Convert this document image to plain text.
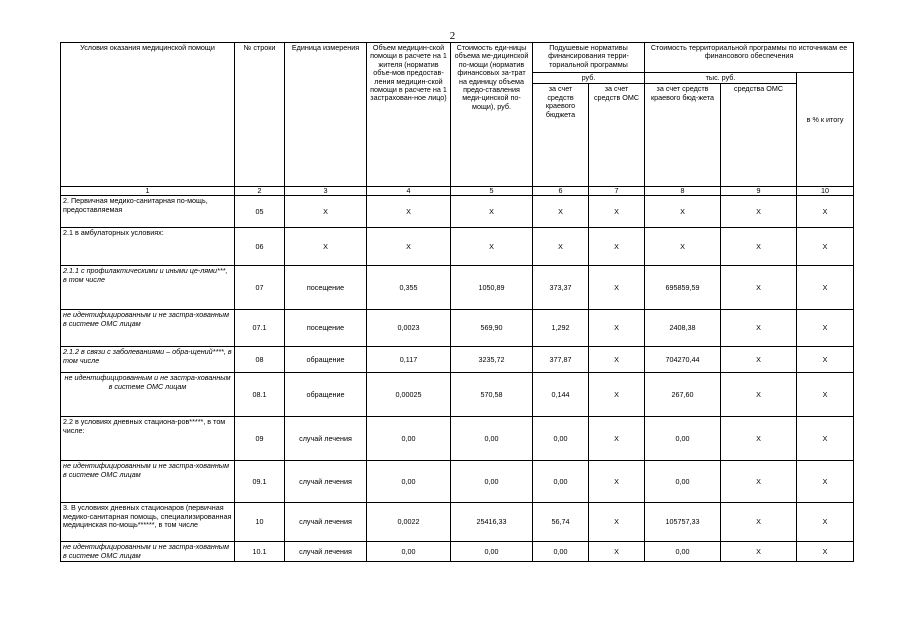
2
Условия оказания медицинской помощи	№ строки	Единица измерения	Объем медицин-ской помощи в расчете на 1 жителя (норматив объе-мов предостав-ления медицин-ской помощи в расчете на 1 застрахован-ное лицо)	Стоимость еди-ницы объема ме-дицинской по-мощи (норматив финансовых за-трат на единицу объема предо-ставления меди-цинской по-мощи), руб.	Подушевые нормативы финансирования терри-ториальной программы		Стоимость территориальной программы по источникам ее финансового обеспечения		
					руб.		тыс. руб.		в % к итогу
					за счет средств краевого бюджета	за счет средств ОМС	за счет средств краевого бюд-жета	средства ОМС	
1	2	3	4	5	6	7	8	9	10
2. Первичная медико-санитарная по-мощь, предоставляемая	05	Х	Х	Х	Х	Х	Х	Х	Х
2.1 в амбулаторных условиях:	06	Х	Х	Х	Х	Х	Х	Х	Х
2.1.1 с профилактическими и иными це-лями***, в том числе	07	посещение	0,355	1050,89	373,37	Х	695859,59	Х	Х
не идентифицированным и не застра-хованным в системе ОМС лицам	07.1	посещение	0,0023	569,90	1,292	Х	2408,38	Х	Х
2.1.2 в связи с заболеваниями – обра-щений****, в том числе	08	обращение	0,117	3235,72	377,87	Х	704270,44	Х	Х
не идентифицированным и не застра-хованным в системе ОМС лицам	08.1	обращение	0,00025	570,58	0,144	Х	267,60	Х	Х
2.2 в условиях дневных стациона-ров*****, в том числе:	09	случай лечения	0,00	0,00	0,00	Х	0,00	Х	Х
не идентифицированным и не застра-хованным в системе ОМС лицам	09.1	случай лечения	0,00	0,00	0,00	Х	0,00	Х	Х
3. В условиях дневных стационаров (первичная медико-санитарная помощь, специализированная медицинская по-мощь******, в том числе	10	случай лечения	0,0022	25416,33	56,74	Х	105757,33	Х	Х
не идентифицированным и не застра-хованным в системе ОМС лицам	10.1	случай лечения	0,00	0,00	0,00	Х	0,00	Х	Х
